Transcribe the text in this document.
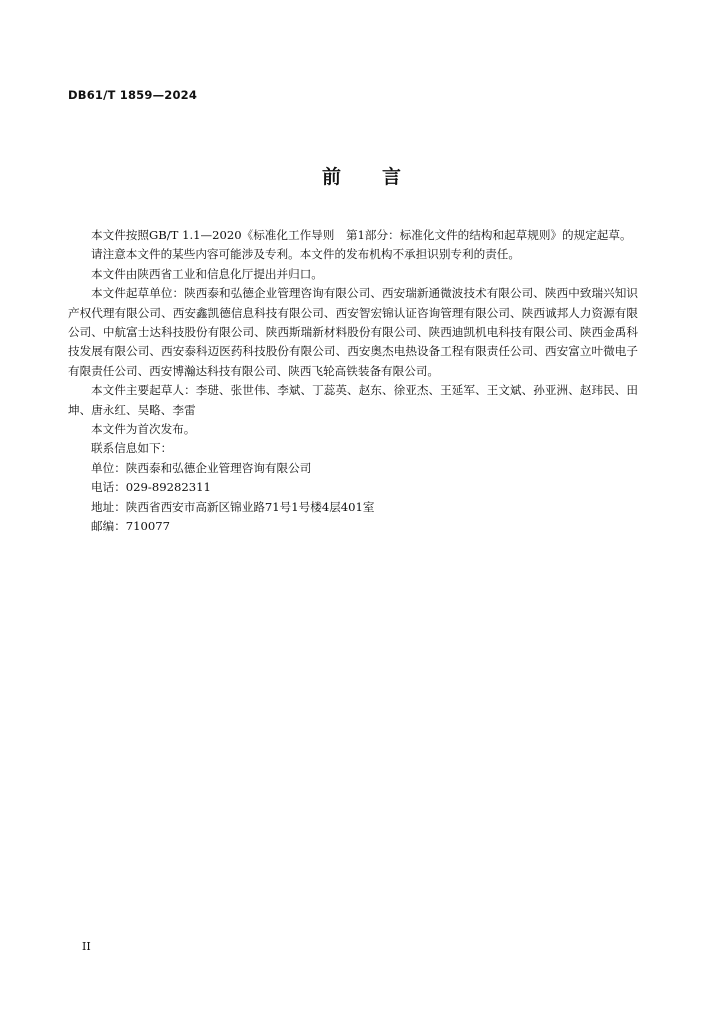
DB61/T 1859—2024
前 言

本文件按照GB/T 1.1—2020《标准化工作导则　第1部分：标准化文件的结构和起草规则》的规定起草。

请注意本文件的某些内容可能涉及专利。本文件的发布机构不承担识别专利的责任。

本文件由陕西省工业和信息化厅提出并归口。

本文件起草单位：陕西泰和弘德企业管理咨询有限公司、西安瑞新通微波技术有限公司、陕西中致瑞兴知识产权代理有限公司、西安鑫凯德信息科技有限公司、西安智宏锦认证咨询管理有限公司、陕西诚邦人力资源有限公司、中航富士达科技股份有限公司、陕西斯瑞新材料股份有限公司、陕西迪凯机电科技有限公司、陕西金禹科技发展有限公司、西安泰科迈医药科技股份有限公司、西安奥杰电热设备工程有限责任公司、西安富立叶微电子有限责任公司、西安博瀚达科技有限公司、陕西飞轮高铁装备有限公司。

本文件主要起草人：李琎、张世伟、李斌、丁蕊英、赵东、徐亚杰、王延军、王文斌、孙亚洲、赵玮民、田坤、唐永红、吴略、李雷

本文件为首次发布。

联系信息如下：

单位：陕西泰和弘德企业管理咨询有限公司

电话：029-89282311

地址：陕西省西安市高新区锦业路71号1号楼4层401室

邮编：710077

II
